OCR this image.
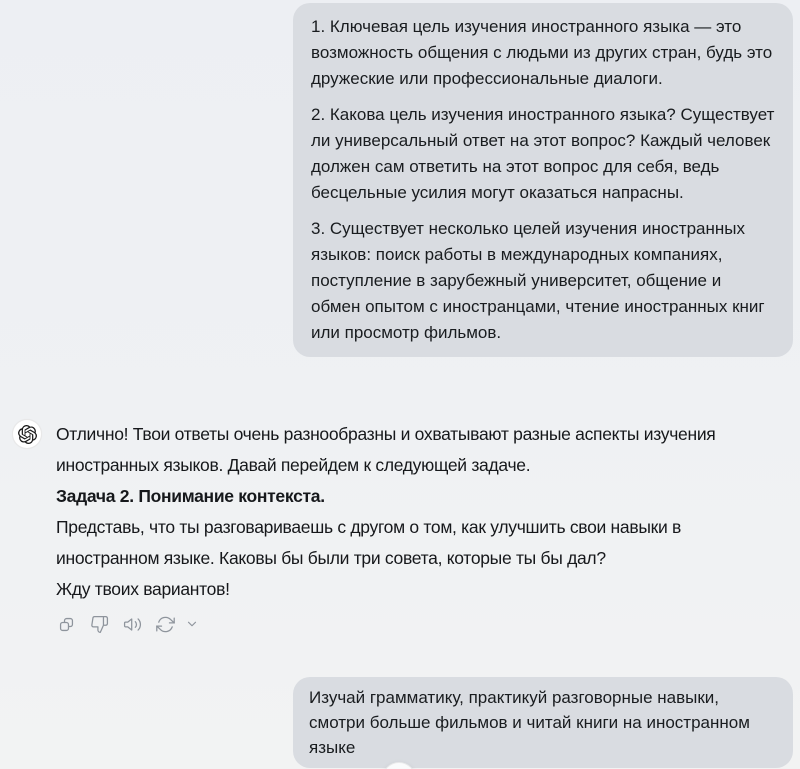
1. Ключевая цель изучения иностранного языка — это возможность общения с людьми из других стран, будь это дружеские или профессиональные диалоги.

2. Какова цель изучения иностранного языка? Существует ли универсальный ответ на этот вопрос? Каждый человек должен сам ответить на этот вопрос для себя, ведь бесцельные усилия могут оказаться напрасны.

3. Существует несколько целей изучения иностранных языков: поиск работы в международных компаниях, поступление в зарубежный университет, общение и обмен опытом с иностранцами, чтение иностранных книг или просмотр фильмов.

Отлично! Твои ответы очень разнообразны и охватывают разные аспекты изучения иностранных языков. Давай перейдем к следующей задаче.

Задача 2. Понимание контекста.

Представь, что ты разговариваешь с другом о том, как улучшить свои навыки в иностранном языке. Каковы бы были три совета, которые ты бы дал?

Жду твоих вариантов!

Изучай грамматику, практикуй разговорные навыки, смотри больше фильмов и читай книги на иностранном языке
